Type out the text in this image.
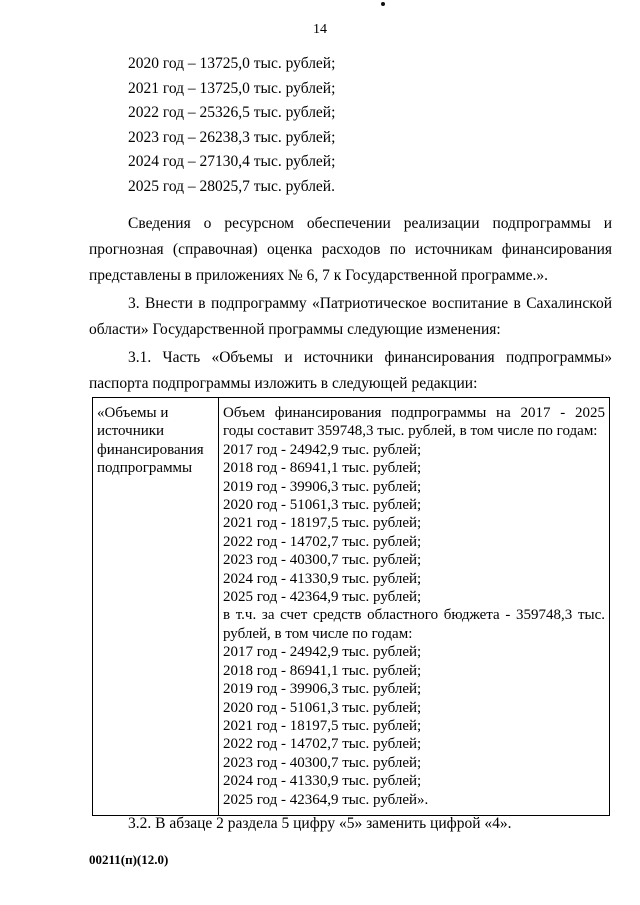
14
2020 год – 13725,0 тыс. рублей;
2021 год – 13725,0 тыс. рублей;
2022 год – 25326,5 тыс. рублей;
2023 год – 26238,3 тыс. рублей;
2024 год – 27130,4 тыс. рублей;
2025 год – 28025,7 тыс. рублей.
Сведения о ресурсном обеспечении реализации подпрограммы и
прогнозная (справочная) оценка расходов по источникам финансирования
представлены в приложениях № 6, 7 к Государственной программе.».
3. Внести в подпрограмму «Патриотическое воспитание в Сахалинской
области» Государственной программы следующие изменения:
3.1. Часть «Объемы и источники финансирования подпрограммы»
паспорта подпрограммы изложить в следующей редакции:
«Объемы и
источники
финансирования
подпрограммы

Объем финансирования подпрограммы на 2017 - 2025
годы составит 359748,3 тыс. рублей, в том числе по годам:
2017 год - 24942,9 тыс. рублей;
2018 год - 86941,1 тыс. рублей;
2019 год - 39906,3 тыс. рублей;
2020 год - 51061,3 тыс. рублей;
2021 год - 18197,5 тыс. рублей;
2022 год - 14702,7 тыс. рублей;
2023 год - 40300,7 тыс. рублей;
2024 год - 41330,9 тыс. рублей;
2025 год - 42364,9 тыс. рублей;
в т.ч. за счет средств областного бюджета - 359748,3 тыс.
рублей, в том числе по годам:
2017 год - 24942,9 тыс. рублей;
2018 год - 86941,1 тыс. рублей;
2019 год - 39906,3 тыс. рублей;
2020 год - 51061,3 тыс. рублей;
2021 год - 18197,5 тыс. рублей;
2022 год - 14702,7 тыс. рублей;
2023 год - 40300,7 тыс. рублей;
2024 год - 41330,9 тыс. рублей;
2025 год - 42364,9 тыс. рублей».
3.2. В абзаце 2 раздела 5 цифру «5» заменить цифрой «4».
00211(п)(12.0)
